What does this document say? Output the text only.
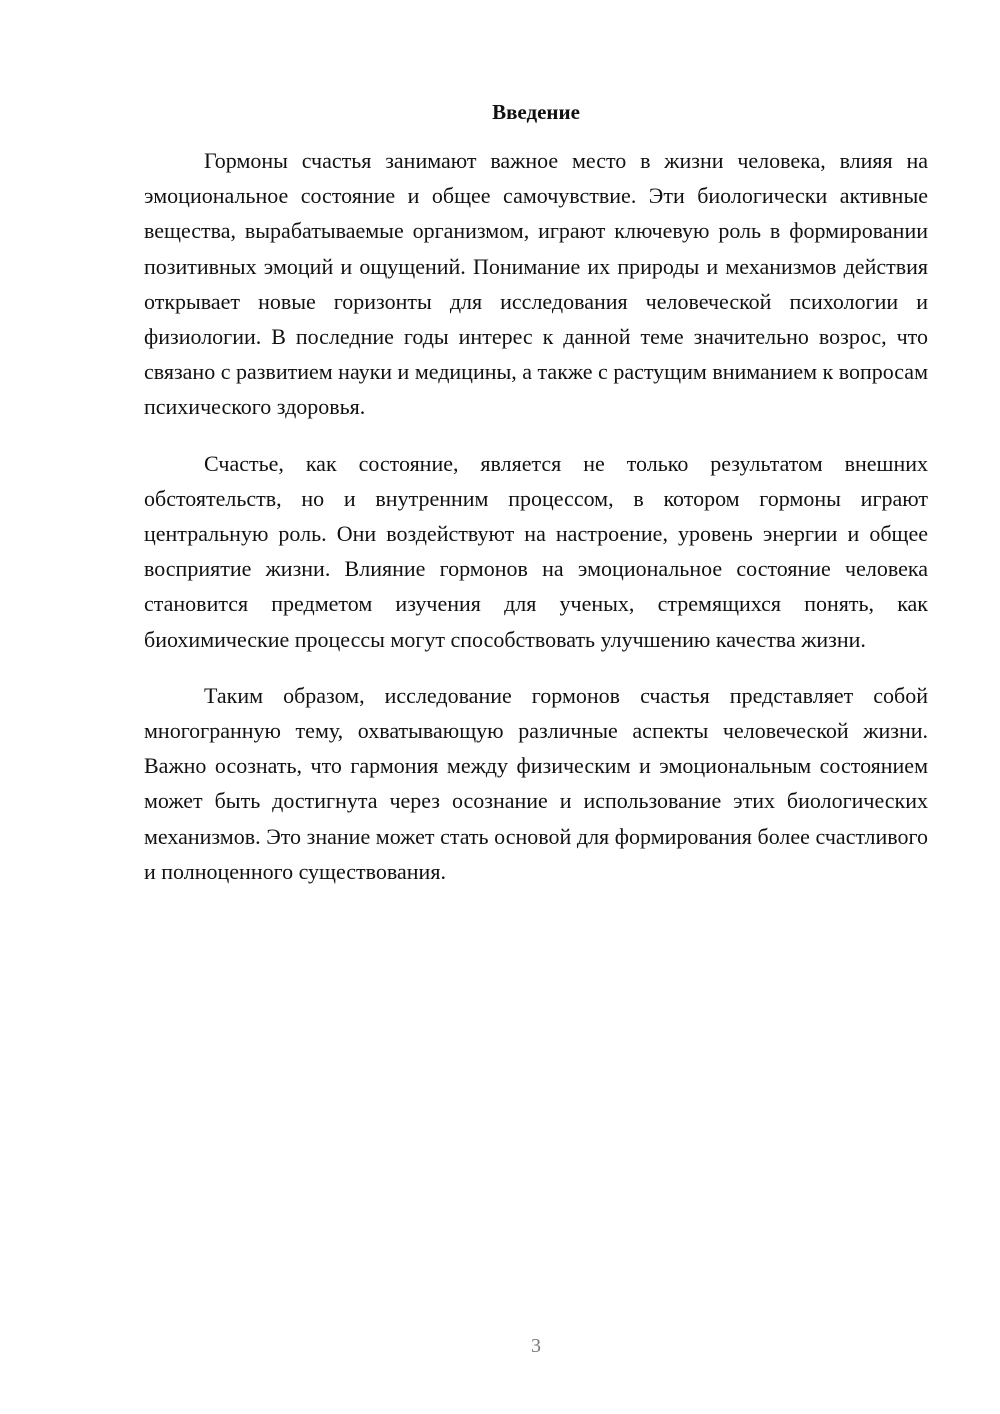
Введение

Гормоны счастья занимают важное место в жизни человека, влияя на эмоциональное состояние и общее самочувствие. Эти биологически активные вещества, вырабатываемые организмом, играют ключевую роль в формировании позитивных эмоций и ощущений. Понимание их природы и механизмов действия открывает новые горизонты для исследования человеческой психологии и физиологии. В последние годы интерес к данной теме значительно возрос, что связано с развитием науки и медицины, а также с растущим вниманием к вопросам психического здоровья.

Счастье, как состояние, является не только результатом внешних обстоятельств, но и внутренним процессом, в котором гормоны играют центральную роль. Они воздействуют на настроение, уровень энергии и общее восприятие жизни. Влияние гормонов на эмоциональное состояние человека становится предметом изучения для ученых, стремящихся понять, как биохимические процессы могут способствовать улучшению качества жизни.

Таким образом, исследование гормонов счастья представляет собой многогранную тему, охватывающую различные аспекты человеческой жизни. Важно осознать, что гармония между физическим и эмоциональным состоянием может быть достигнута через осознание и использование этих биологических механизмов. Это знание может стать основой для формирования более счастливого и полноценного существования.

3
